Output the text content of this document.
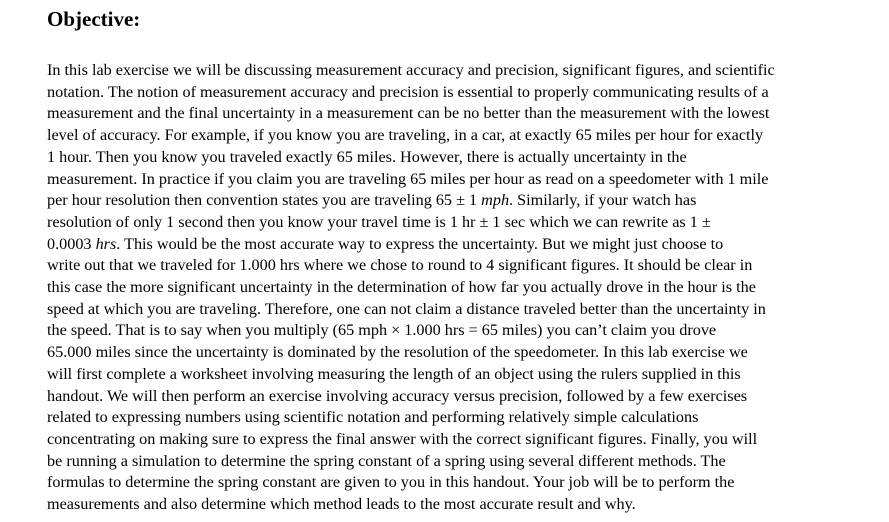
Objective:
In this lab exercise we will be discussing measurement accuracy and precision, significant figures, and scientific
notation. The notion of measurement accuracy and precision is essential to properly communicating results of a
measurement and the final uncertainty in a measurement can be no better than the measurement with the lowest
level of accuracy. For example, if you know you are traveling, in a car, at exactly 65 miles per hour for exactly
1 hour. Then you know you traveled exactly 65 miles. However, there is actually uncertainty in the
measurement. In practice if you claim you are traveling 65 miles per hour as read on a speedometer with 1 mile
per hour resolution then convention states you are traveling 65 ± 1 mph. Similarly, if your watch has
resolution of only 1 second then you know your travel time is 1 hr ± 1 sec which we can rewrite as 1 ±
0.0003 hrs. This would be the most accurate way to express the uncertainty. But we might just choose to
write out that we traveled for 1.000 hrs where we chose to round to 4 significant figures. It should be clear in
this case the more significant uncertainty in the determination of how far you actually drove in the hour is the
speed at which you are traveling. Therefore, one can not claim a distance traveled better than the uncertainty in
the speed. That is to say when you multiply (65 mph × 1.000 hrs = 65 miles) you can’t claim you drove
65.000 miles since the uncertainty is dominated by the resolution of the speedometer. In this lab exercise we
will first complete a worksheet involving measuring the length of an object using the rulers supplied in this
handout. We will then perform an exercise involving accuracy versus precision, followed by a few exercises
related to expressing numbers using scientific notation and performing relatively simple calculations
concentrating on making sure to express the final answer with the correct significant figures. Finally, you will
be running a simulation to determine the spring constant of a spring using several different methods. The
formulas to determine the spring constant are given to you in this handout. Your job will be to perform the
measurements and also determine which method leads to the most accurate result and why.
